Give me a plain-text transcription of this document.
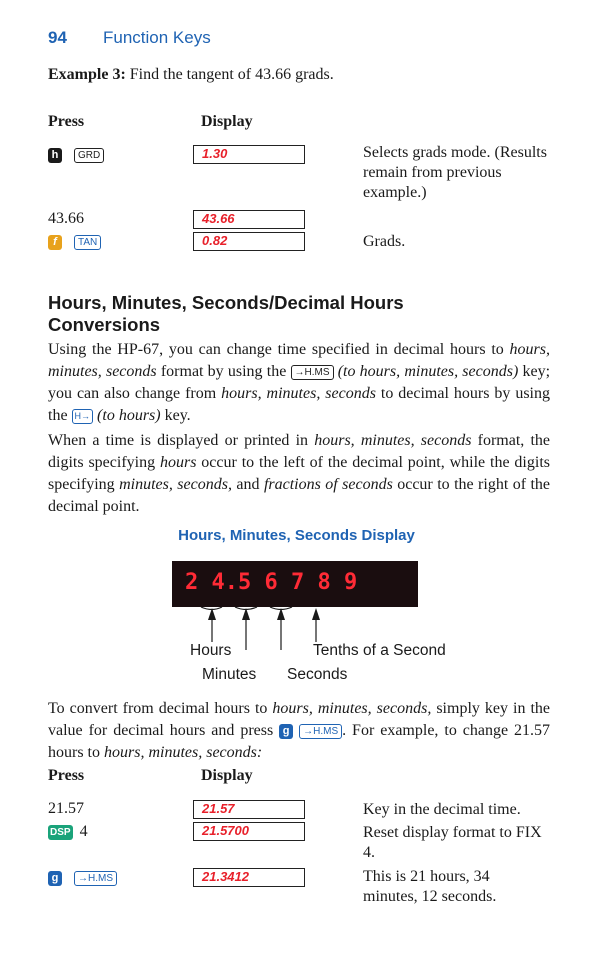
94 Function Keys
Example 3: Find the tangent of 43.66 grads.
Press	Display
h GRD	1.30	Selects grads mode. (Results remain from previous example.)
43.66	43.66
f TAN	0.82	Grads.
Hours, Minutes, Seconds/Decimal Hours
Conversions
Using the HP-67, you can change time specified in decimal hours to hours, minutes, seconds format by using the →H.MS (to hours, minutes, seconds) key; you can also change from hours, minutes, seconds to decimal hours by using the H→ (to hours) key.
When a time is displayed or printed in hours, minutes, seconds format, the digits specifying hours occur to the left of the decimal point, while the digits specifying minutes, seconds, and fractions of seconds occur to the right of the decimal point.
Hours, Minutes, Seconds Display
2 4.5 6 7 8 9
Hours	Tenths of a Second
Minutes Seconds
To convert from decimal hours to hours, minutes, seconds, simply key in the value for decimal hours and press g →H.MS . For example, to change 21.57 hours to hours, minutes, seconds:
Press	Display
21.57	21.57	Key in the decimal time.
DSP 4	21.5700	Reset display format to FIX 4.
g →H.MS	21.3412	This is 21 hours, 34 minutes, 12 seconds.
